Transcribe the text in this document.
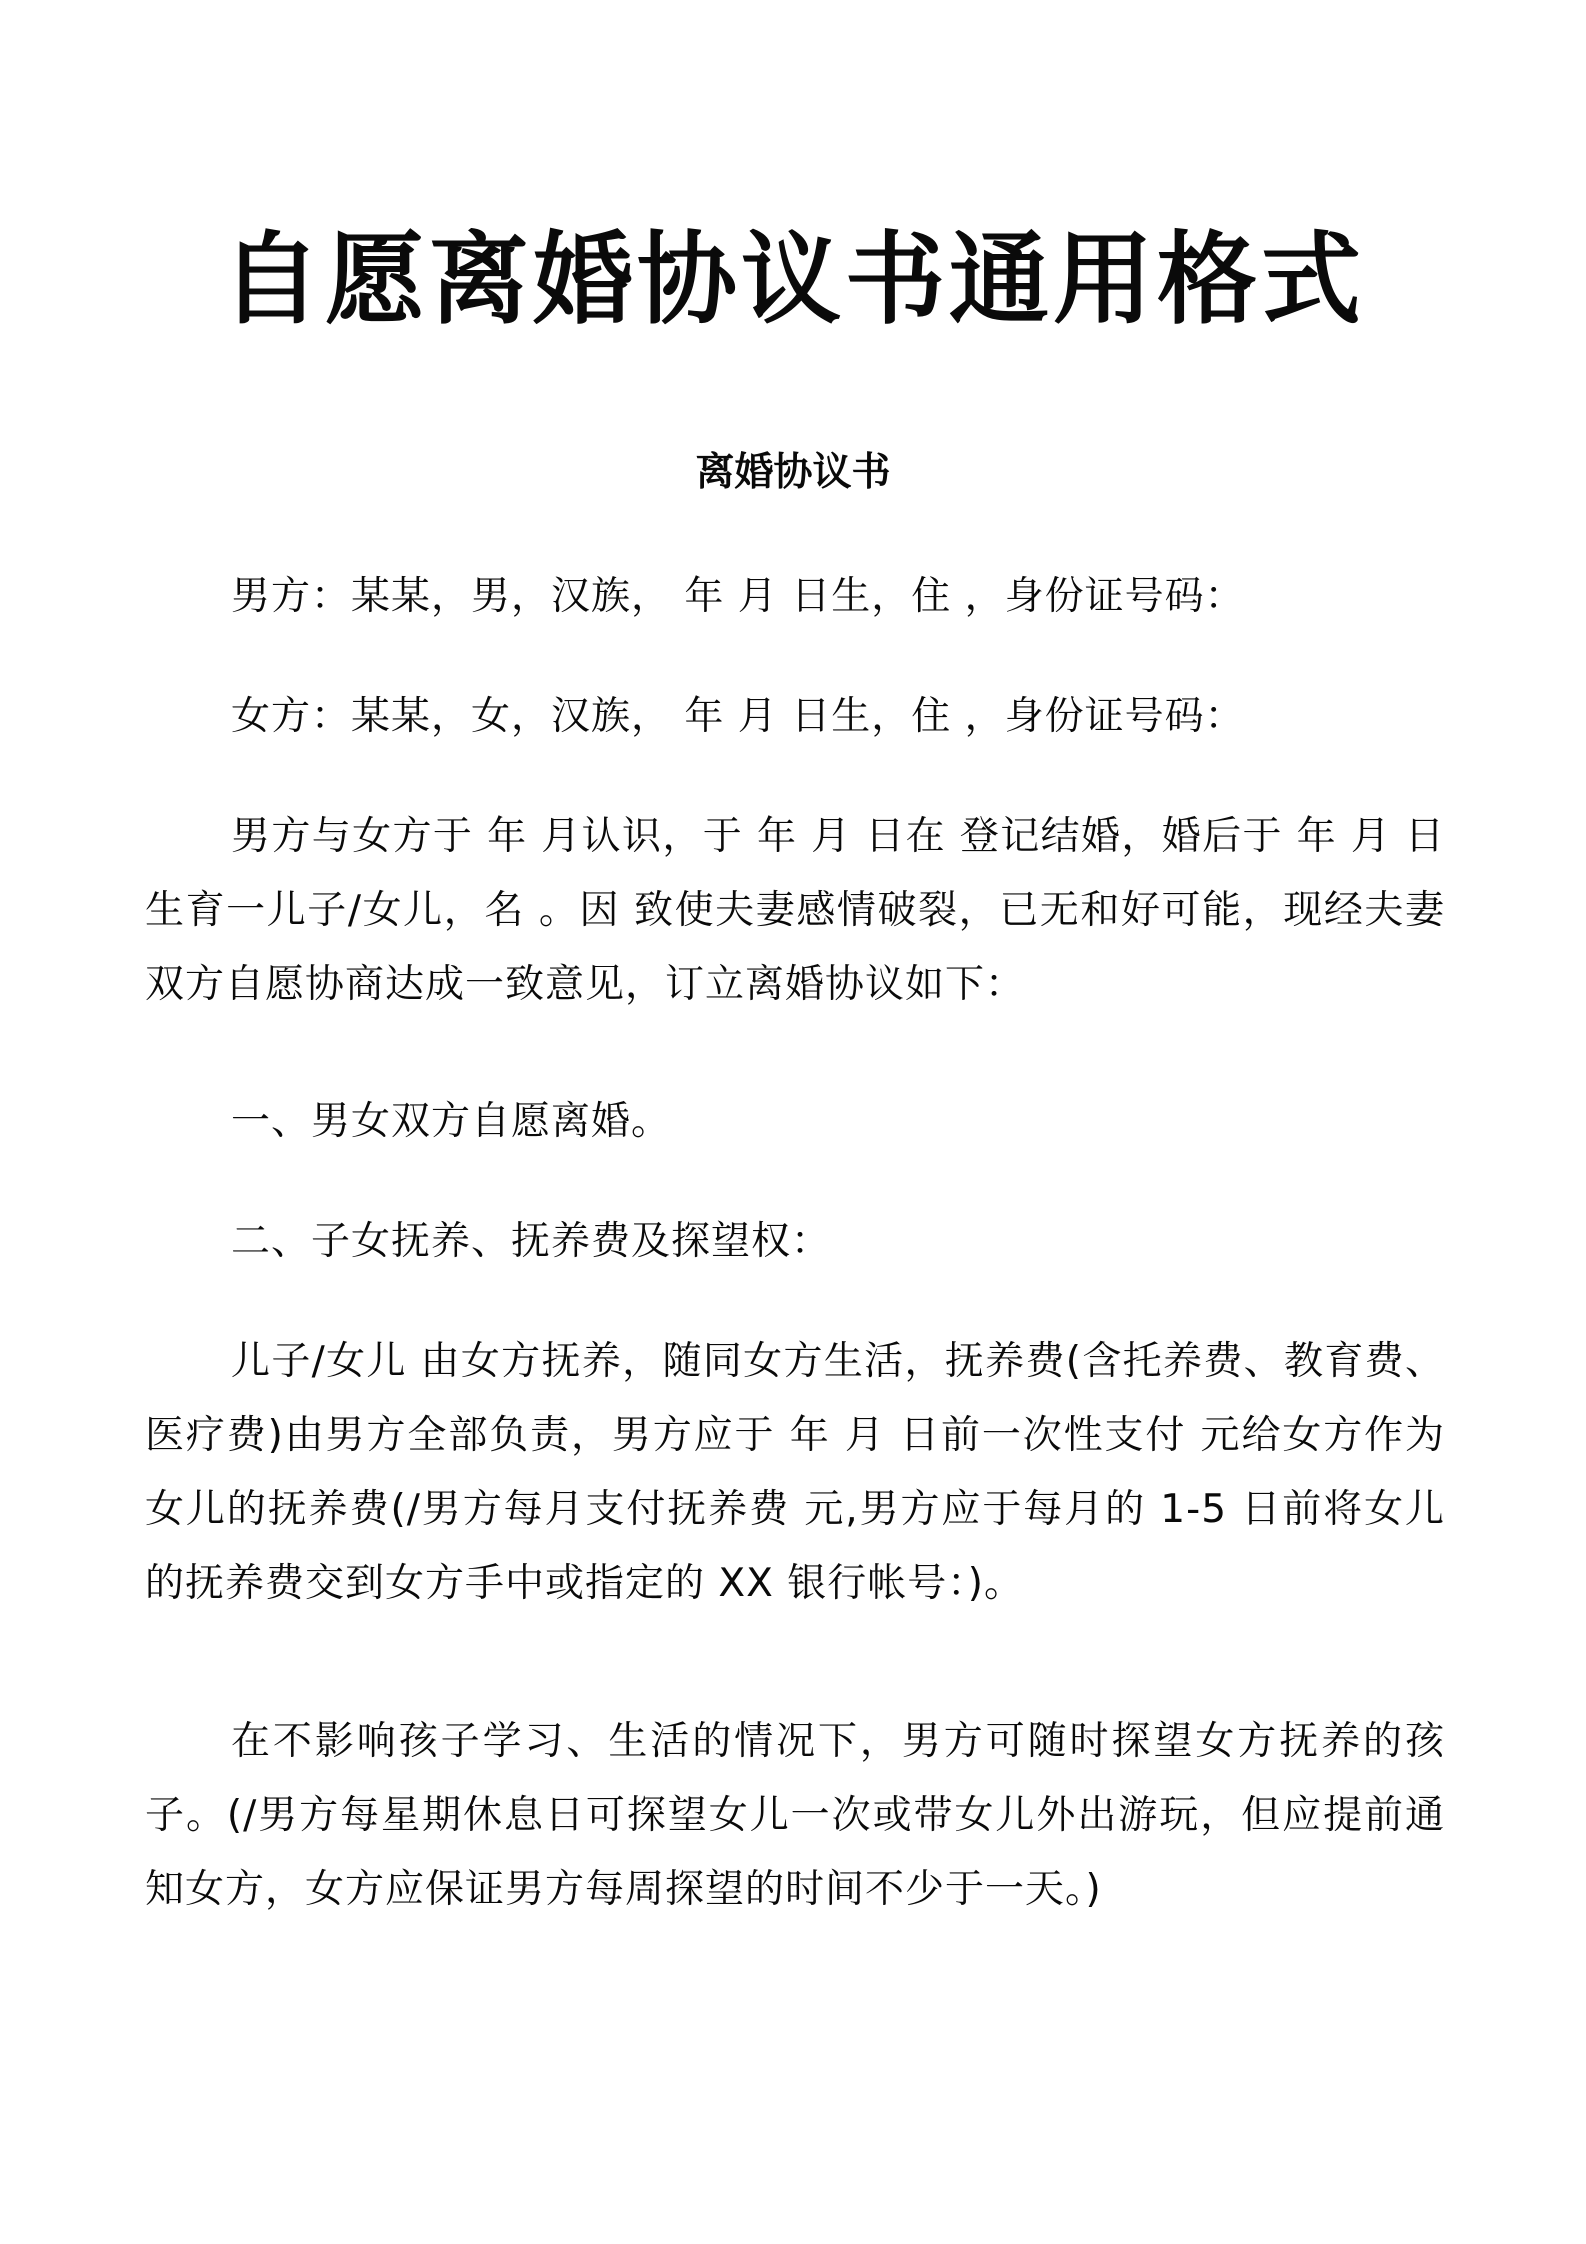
自愿离婚协议书通用格式
离婚协议书

男方：某某，男，汉族， 年 月 日生，住 ，身份证号码：

女方：某某，女，汉族， 年 月 日生，住 ，身份证号码：

男方与女方于 年 月认识，于 年 月 日在 登记结婚，婚后于 年 月 日生育一儿子/女儿，名 。因 致使夫妻感情破裂，已无和好可能，现经夫妻双方自愿协商达成一致意见，订立离婚协议如下：

一、男女双方自愿离婚。

二、子女抚养、抚养费及探望权：

儿子/女儿 由女方抚养，随同女方生活，抚养费(含托养费、教育费、医疗费)由男方全部负责，男方应于 年 月 日前一次性支付 元给女方作为女儿的抚养费(/男方每月支付抚养费 元,男方应于每月的 1-5 日前将女儿的抚养费交到女方手中或指定的 XX 银行帐号：)。

在不影响孩子学习、生活的情况下，男方可随时探望女方抚养的孩子。(/男方每星期休息日可探望女儿一次或带女儿外出游玩，但应提前通知女方，女方应保证男方每周探望的时间不少于一天。)
